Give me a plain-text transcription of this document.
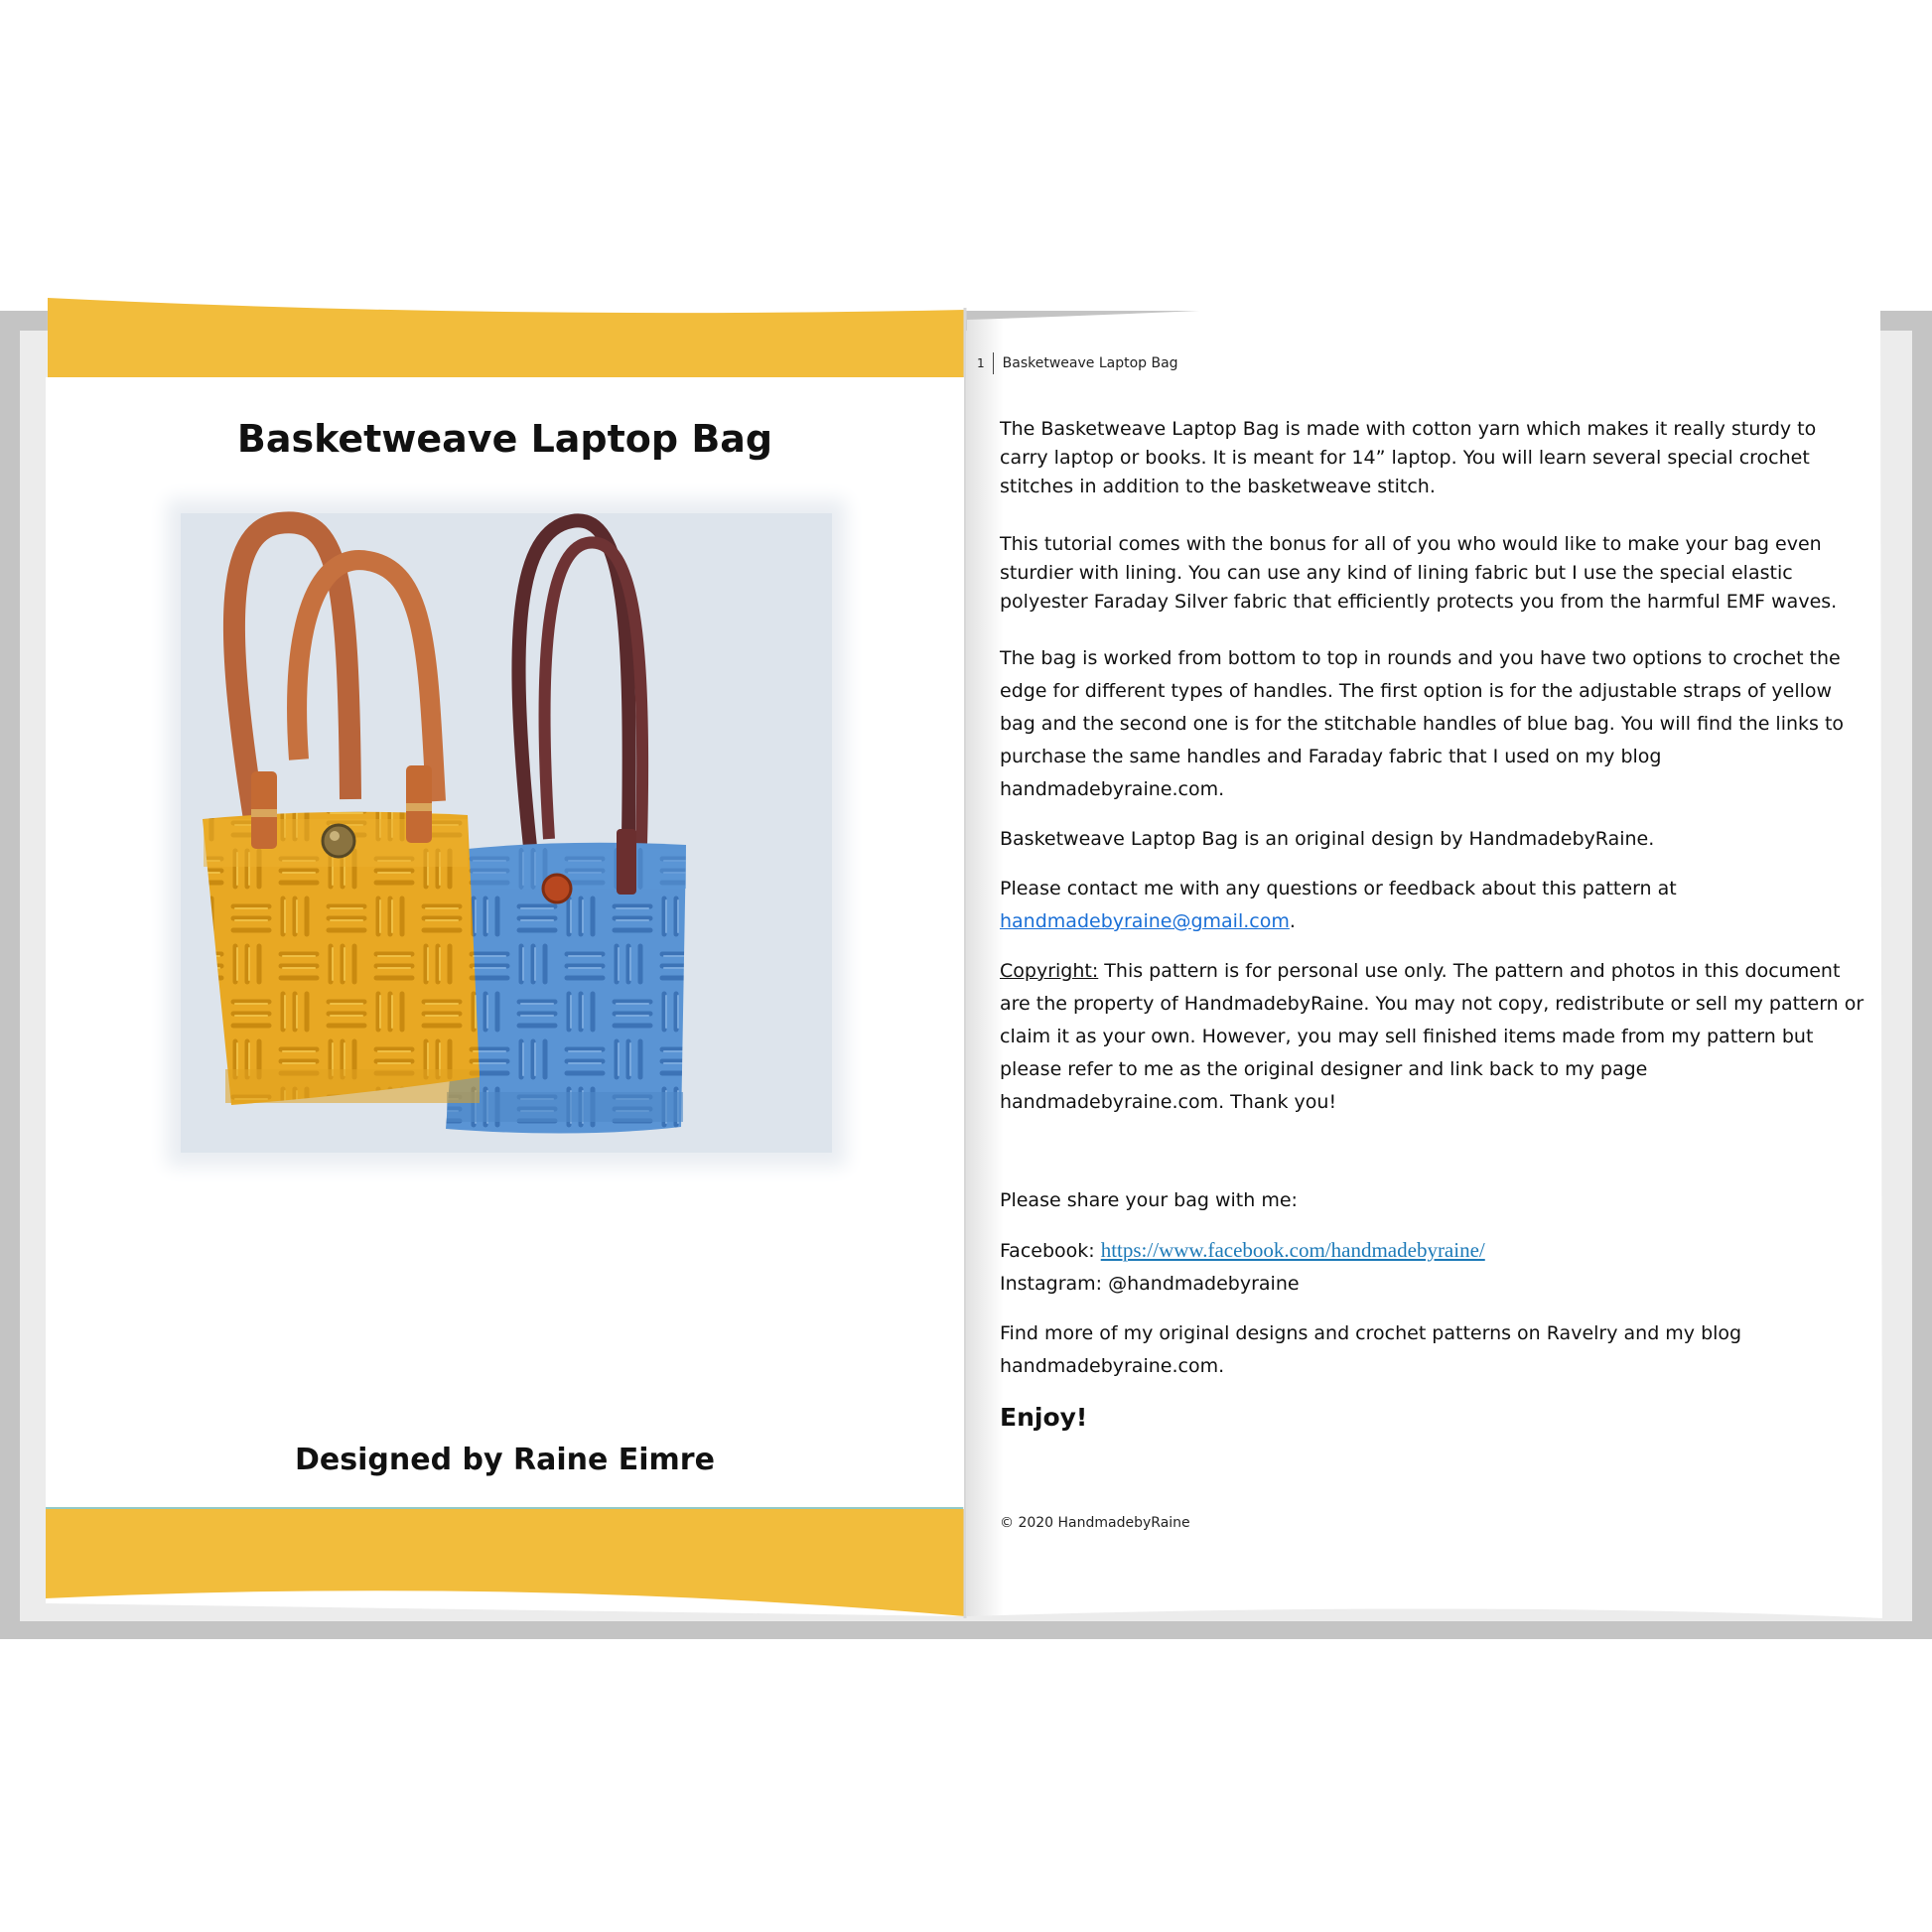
Basketweave Laptop Bag
Designed by Raine Eimre
1 Basketweave Laptop Bag

The Basketweave Laptop Bag is made with cotton yarn which makes it really sturdy to carry laptop or books. It is meant for 14” laptop. You will learn several special crochet stitches in addition to the basketweave stitch.

This tutorial comes with the bonus for all of you who would like to make your bag even sturdier with lining. You can use any kind of lining fabric but I use the special elastic polyester Faraday Silver fabric that efficiently protects you from the harmful EMF waves.

The bag is worked from bottom to top in rounds and you have two options to crochet the edge for different types of handles. The first option is for the adjustable straps of yellow bag and the second one is for the stitchable handles of blue bag. You will find the links to purchase the same handles and Faraday fabric that I used on my blog handmadebyraine.com.

Basketweave Laptop Bag is an original design by HandmadebyRaine.

Please contact me with any questions or feedback about this pattern at handmadebyraine@gmail.com.

Copyright: This pattern is for personal use only. The pattern and photos in this document are the property of HandmadebyRaine. You may not copy, redistribute or sell my pattern or claim it as your own. However, you may sell finished items made from my pattern but please refer to me as the original designer and link back to my page handmadebyraine.com. Thank you!

Please share your bag with me:

Facebook: https://www.facebook.com/handmadebyraine/
Instagram: @handmadebyraine

Find more of my original designs and crochet patterns on Ravelry and my blog handmadebyraine.com.

Enjoy!

© 2020 HandmadebyRaine
